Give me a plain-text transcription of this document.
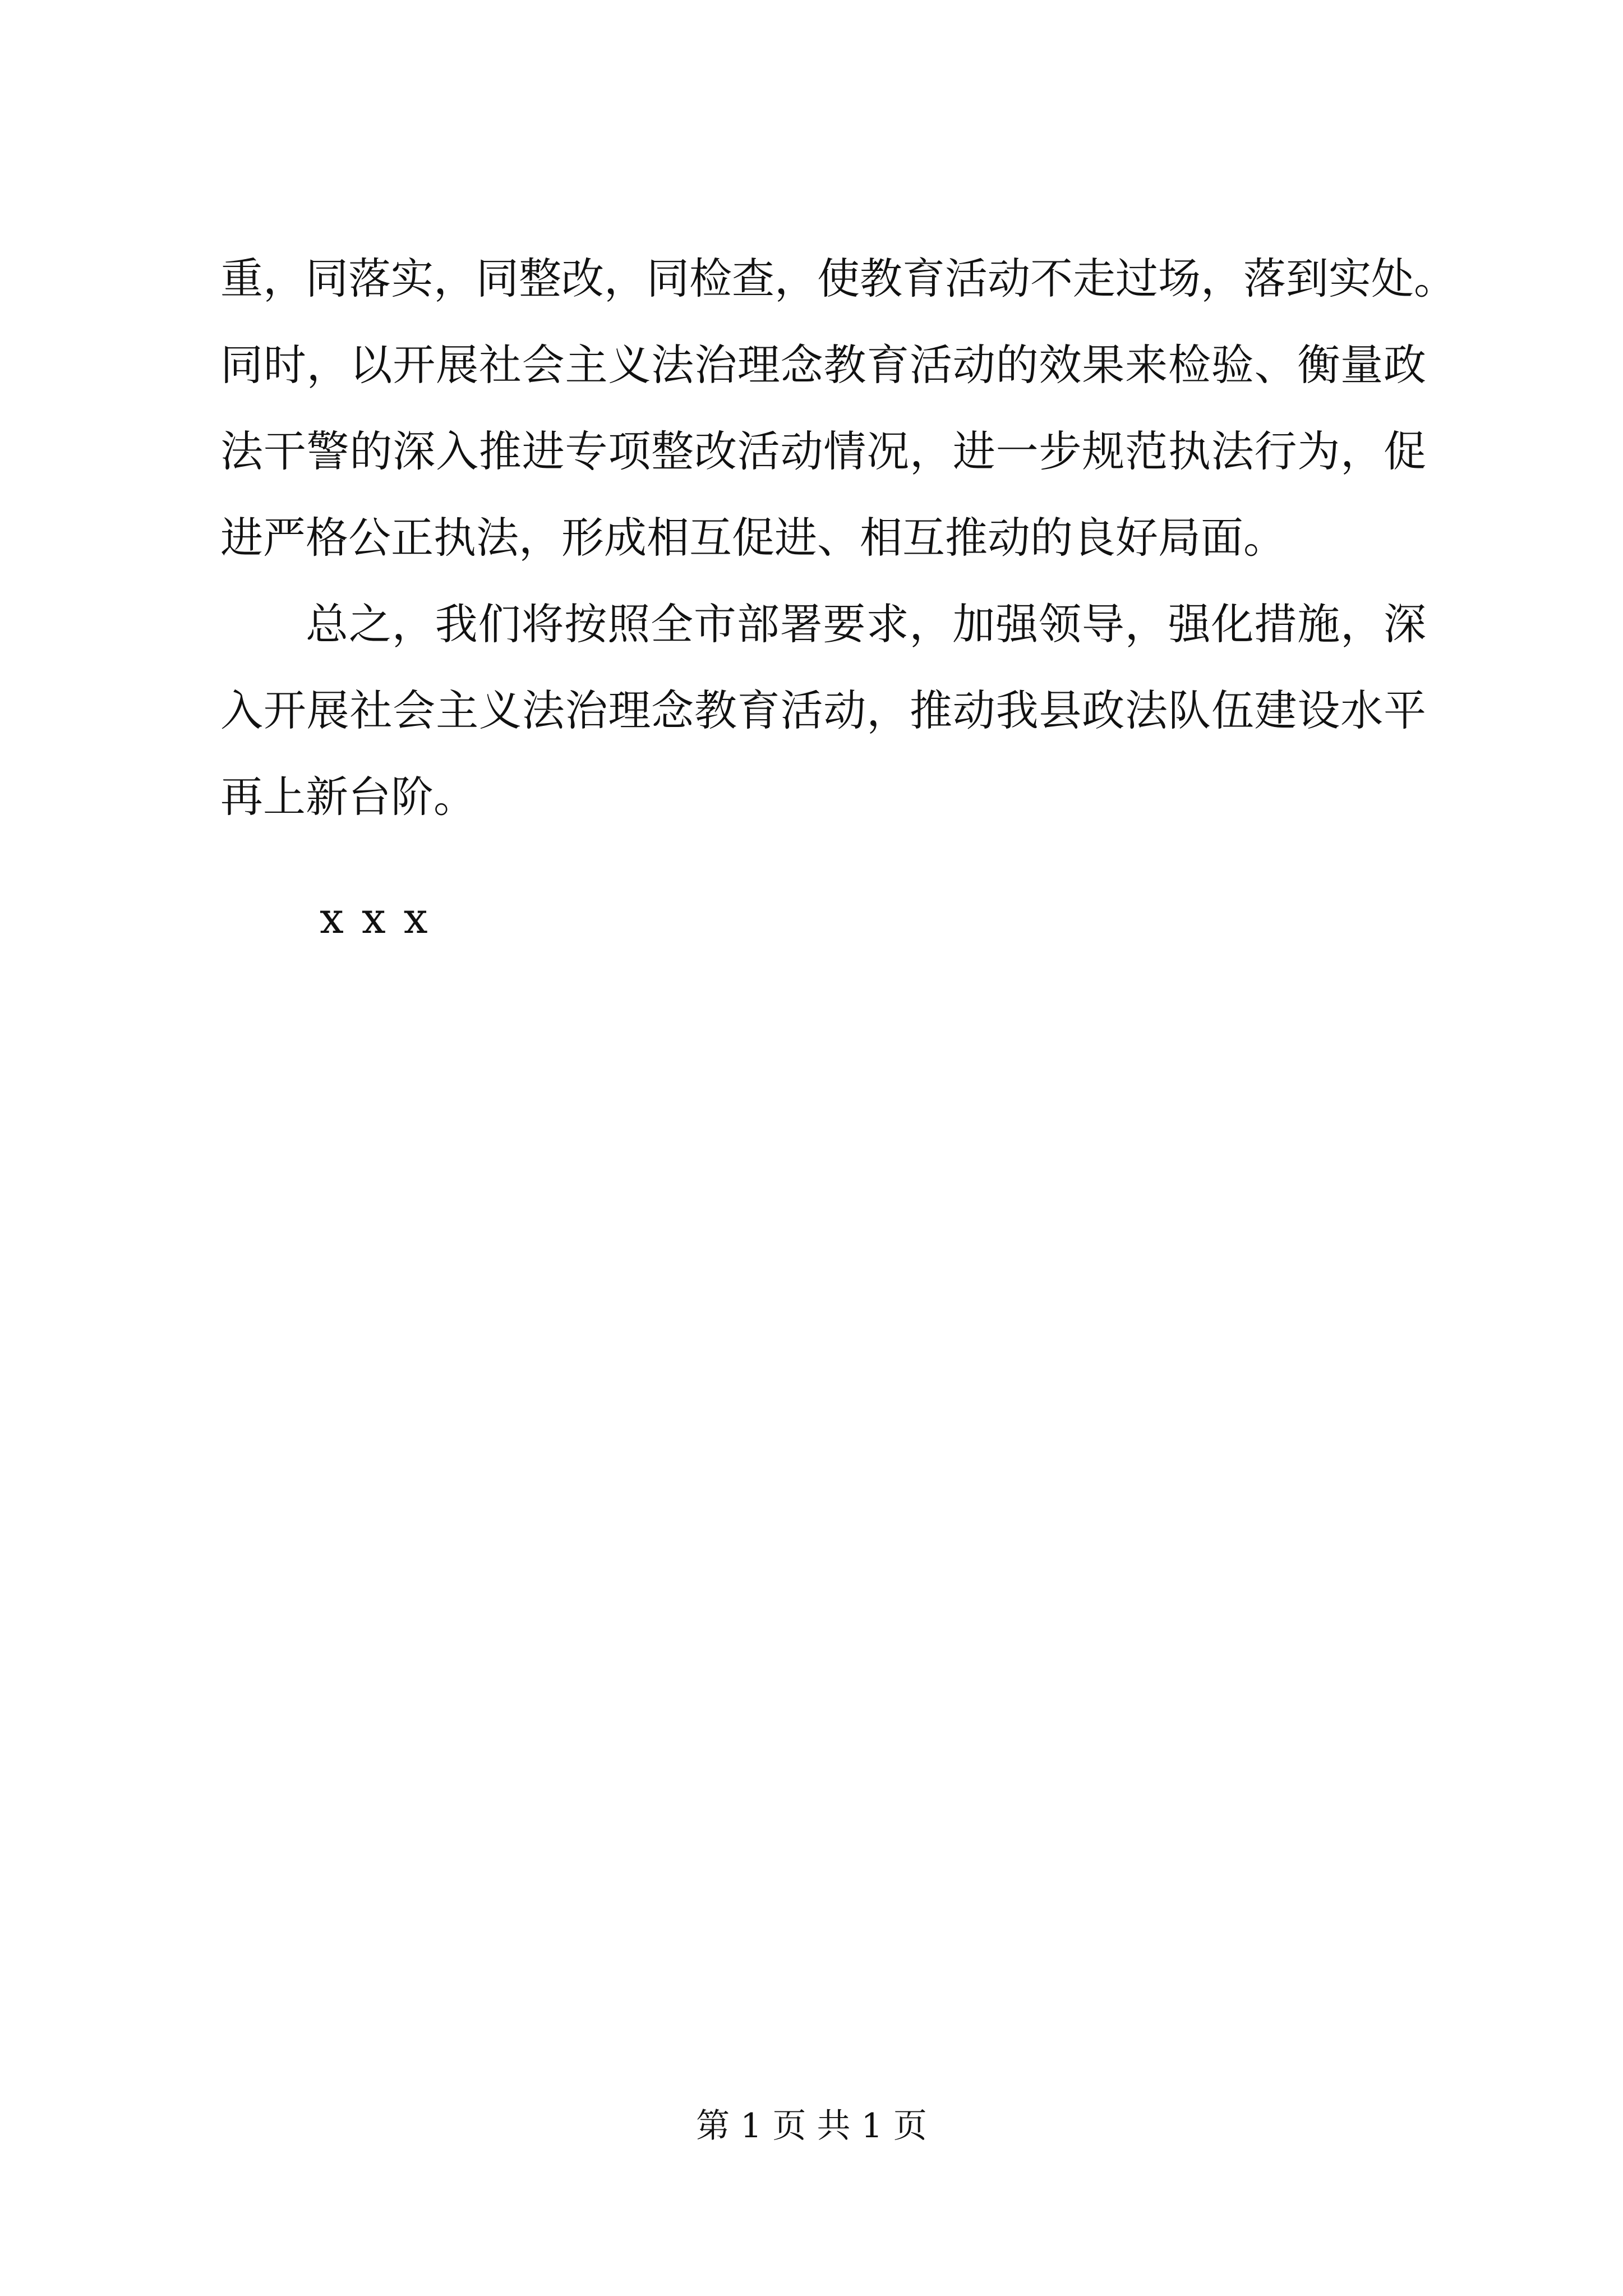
重，同落实，同整改，同检查，使教育活动不走过场，落到实处。
同时，以开展社会主义法治理念教育活动的效果来检验、衡量政
法干警的深入推进专项整改活动情况，进一步规范执法行为，促
进严格公正执法，形成相互促进、相互推动的良好局面。
总之，我们将按照全市部署要求，加强领导，强化措施，深
入开展社会主义法治理念教育活动，推动我县政法队伍建设水平
再上新台阶。
xxx
第 1 页 共 1 页
